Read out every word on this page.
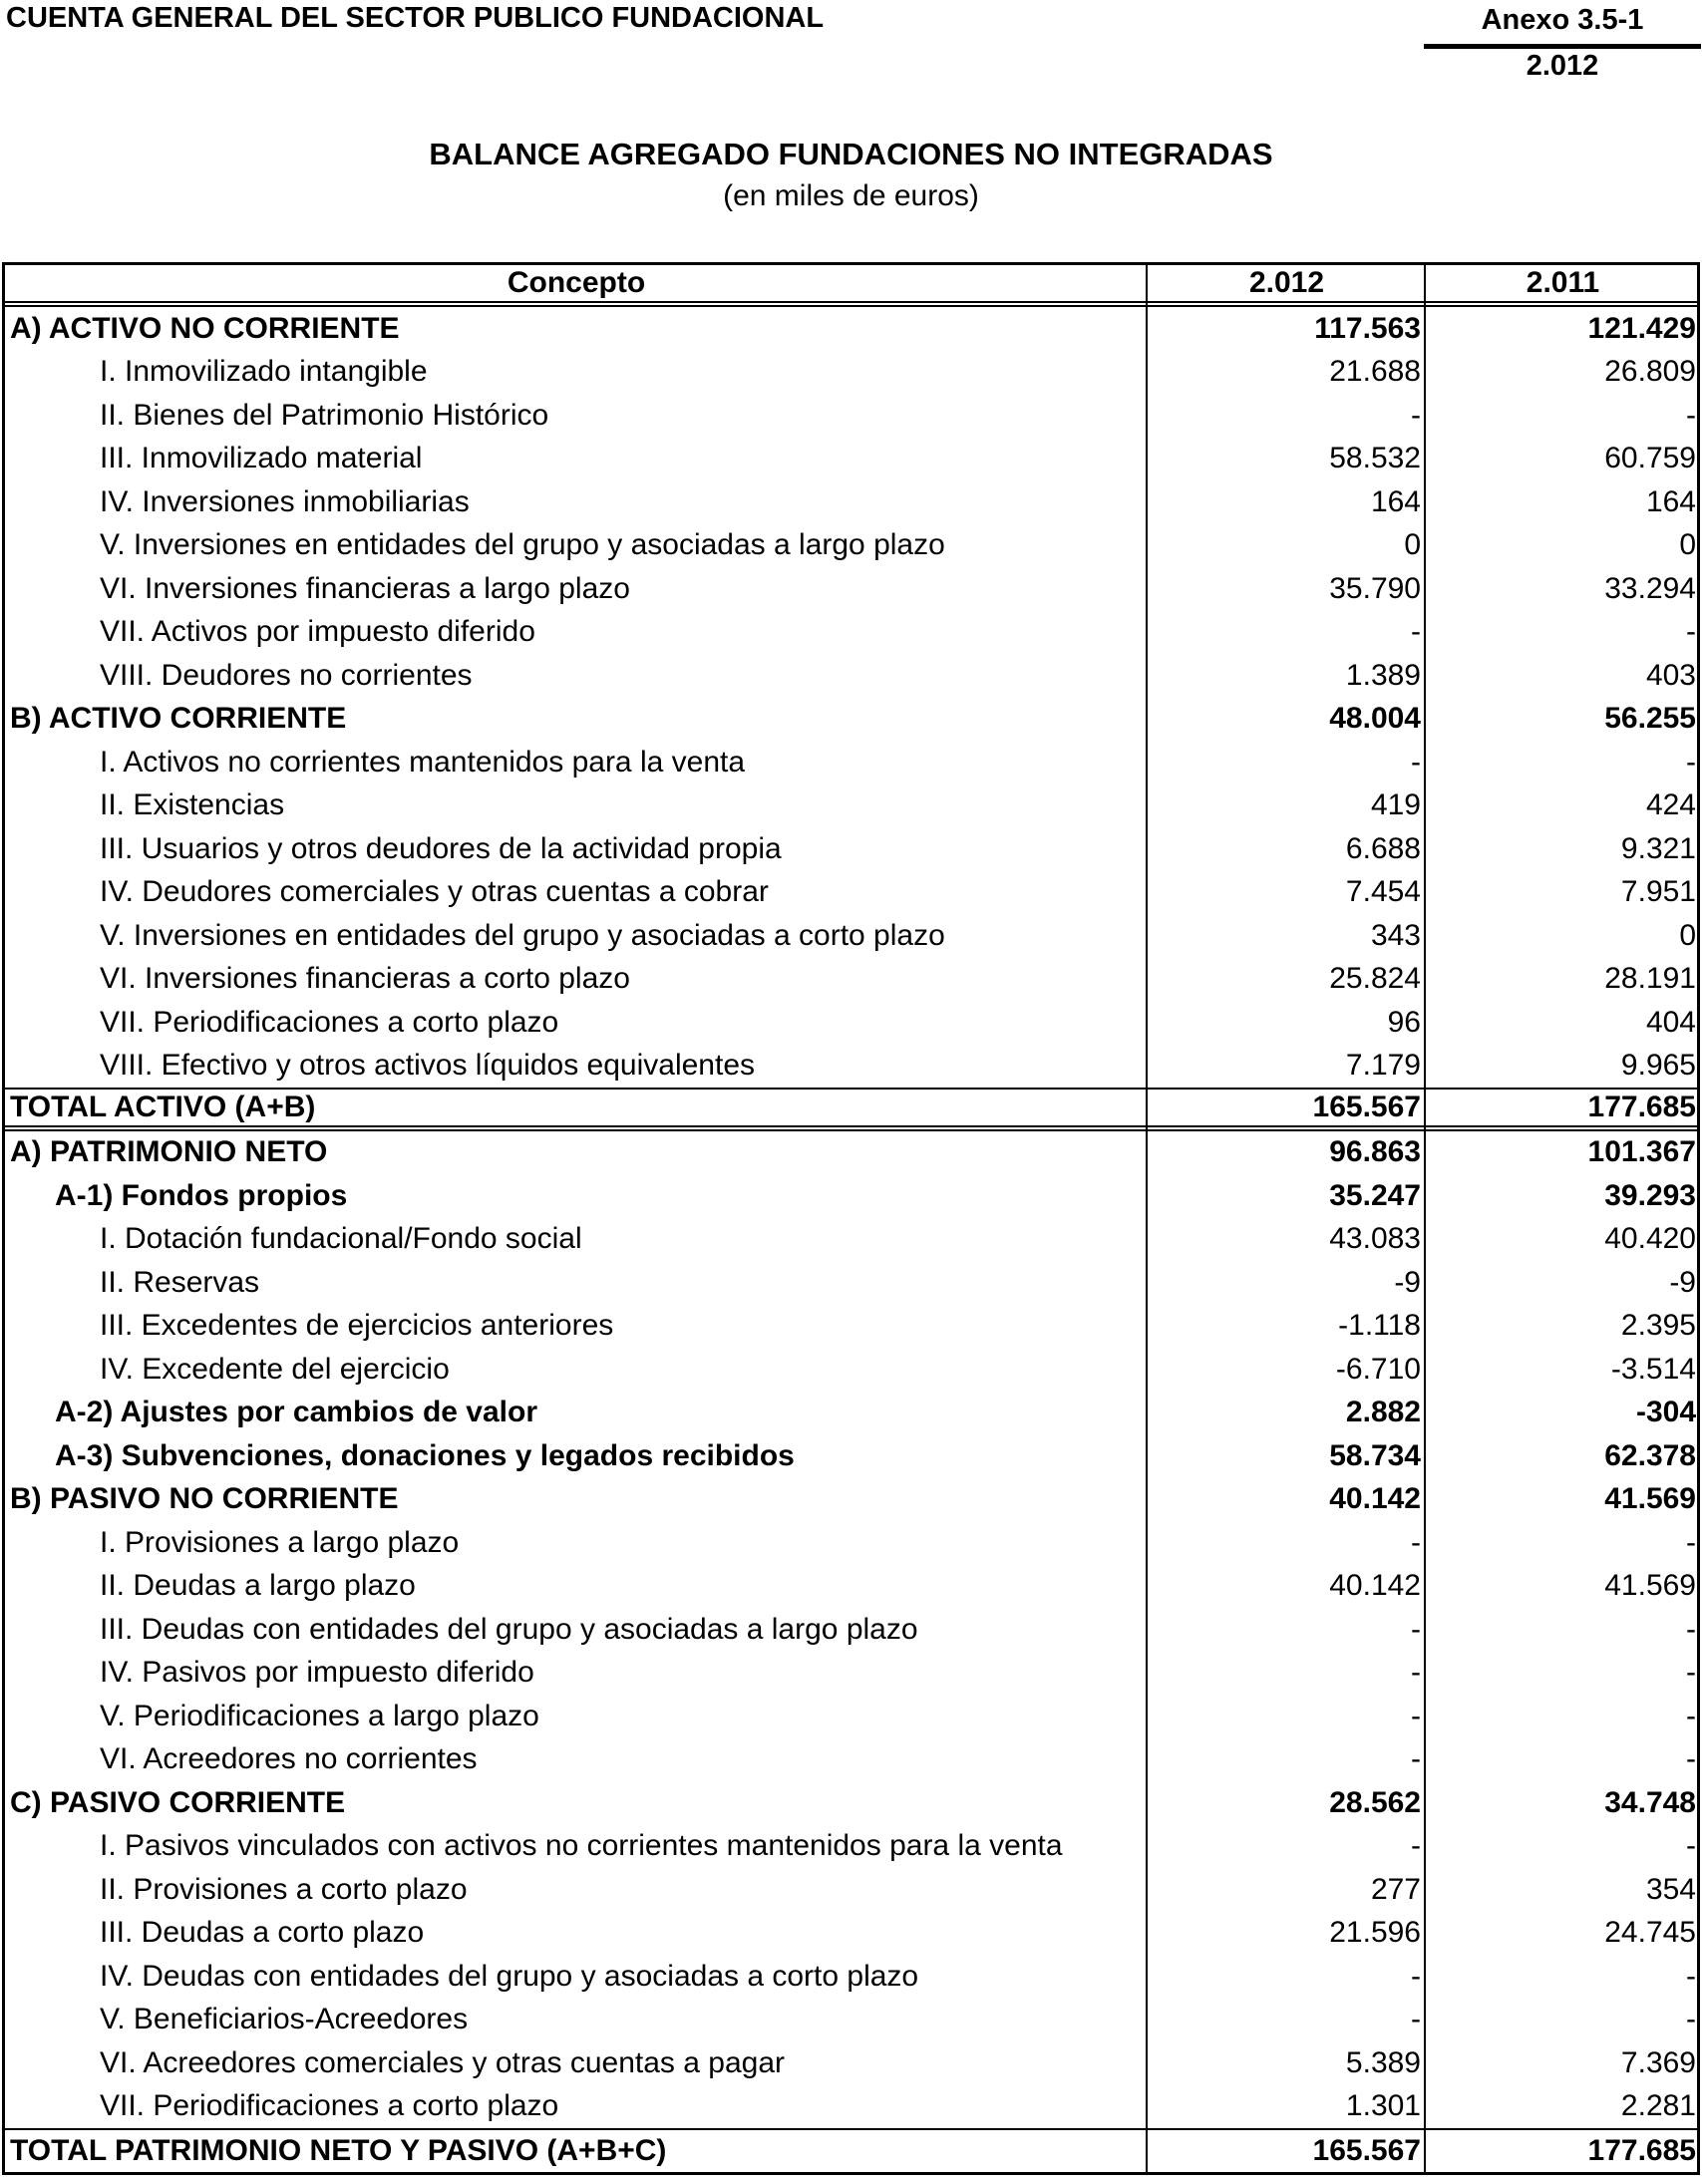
CUENTA GENERAL DEL SECTOR PUBLICO FUNDACIONAL	Anexo 3.5-1
2.012
BALANCE AGREGADO FUNDACIONES NO INTEGRADAS
(en miles de euros)
Concepto	2.012	2.011
A) ACTIVO NO CORRIENTE	117.563	121.429
I. Inmovilizado intangible	21.688	26.809
II. Bienes del Patrimonio Histórico	-	-
III. Inmovilizado material	58.532	60.759
IV. Inversiones inmobiliarias	164	164
V. Inversiones en entidades del grupo y asociadas a largo plazo	0	0
VI. Inversiones financieras a largo plazo	35.790	33.294
VII. Activos por impuesto diferido	-	-
VIII. Deudores no corrientes	1.389	403
B) ACTIVO CORRIENTE	48.004	56.255
I. Activos no corrientes mantenidos para la venta	-	-
II. Existencias	419	424
III. Usuarios y otros deudores de la actividad propia	6.688	9.321
IV. Deudores comerciales y otras cuentas a cobrar	7.454	7.951
V. Inversiones en entidades del grupo y asociadas a corto plazo	343	0
VI. Inversiones financieras a corto plazo	25.824	28.191
VII. Periodificaciones a corto plazo	96	404
VIII. Efectivo y otros activos líquidos equivalentes	7.179	9.965
TOTAL ACTIVO (A+B)	165.567	177.685
A) PATRIMONIO NETO	96.863	101.367
A-1) Fondos propios	35.247	39.293
I. Dotación fundacional/Fondo social	43.083	40.420
II. Reservas	-9	-9
III. Excedentes de ejercicios anteriores	-1.118	2.395
IV. Excedente del ejercicio	-6.710	-3.514
A-2) Ajustes por cambios de valor	2.882	-304
A-3) Subvenciones, donaciones y legados recibidos	58.734	62.378
B) PASIVO NO CORRIENTE	40.142	41.569
I. Provisiones a largo plazo	-	-
II. Deudas a largo plazo	40.142	41.569
III. Deudas con entidades del grupo y asociadas a largo plazo	-	-
IV. Pasivos por impuesto diferido	-	-
V. Periodificaciones a largo plazo	-	-
VI. Acreedores no corrientes	-	-
C) PASIVO CORRIENTE	28.562	34.748
I. Pasivos vinculados con activos no corrientes mantenidos para la venta	-	-
II. Provisiones a corto plazo	277	354
III. Deudas a corto plazo	21.596	24.745
IV. Deudas con entidades del grupo y asociadas a corto plazo	-	-
V. Beneficiarios-Acreedores	-	-
VI. Acreedores comerciales y otras cuentas a pagar	5.389	7.369
VII. Periodificaciones a corto plazo	1.301	2.281
TOTAL PATRIMONIO NETO Y PASIVO (A+B+C)	165.567	177.685
